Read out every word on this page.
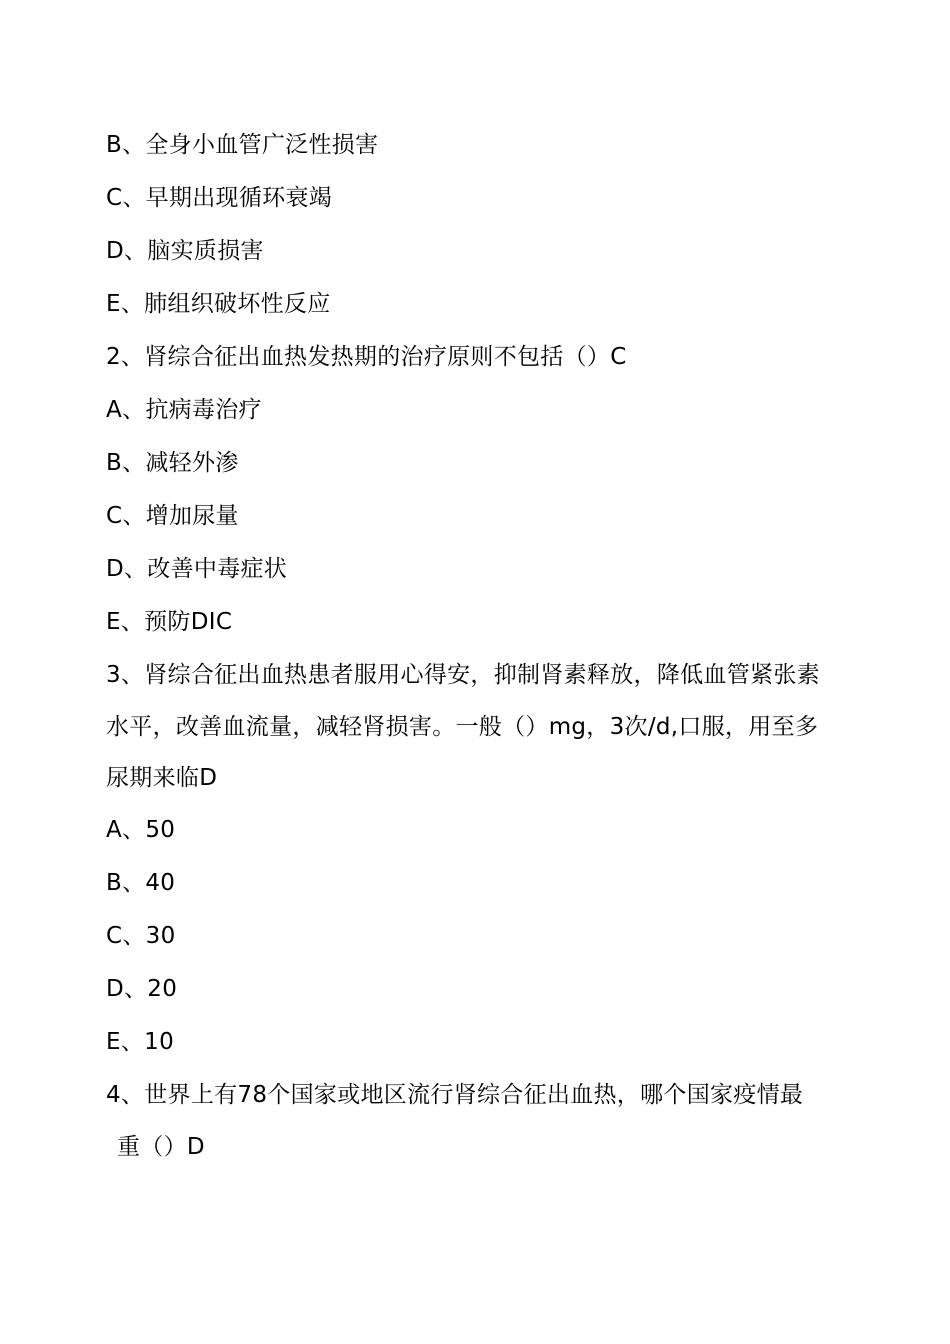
B、全身小血管广泛性损害
C、早期出现循环衰竭
D、脑实质损害
E、肺组织破坏性反应
2、肾综合征出血热发热期的治疗原则不包括（）C
A、抗病毒治疗
B、减轻外渗
C、增加尿量
D、改善中毒症状
E、预防DIC
3、肾综合征出血热患者服用心得安，抑制肾素释放，降低血管紧张素
水平，改善血流量，减轻肾损害。一般（）mg，3次/d,口服，用至多
尿期来临D
A、50
B、40
C、30
D、20
E、10
4、世界上有78个国家或地区流行肾综合征出血热，哪个国家疫情最
重（）D
